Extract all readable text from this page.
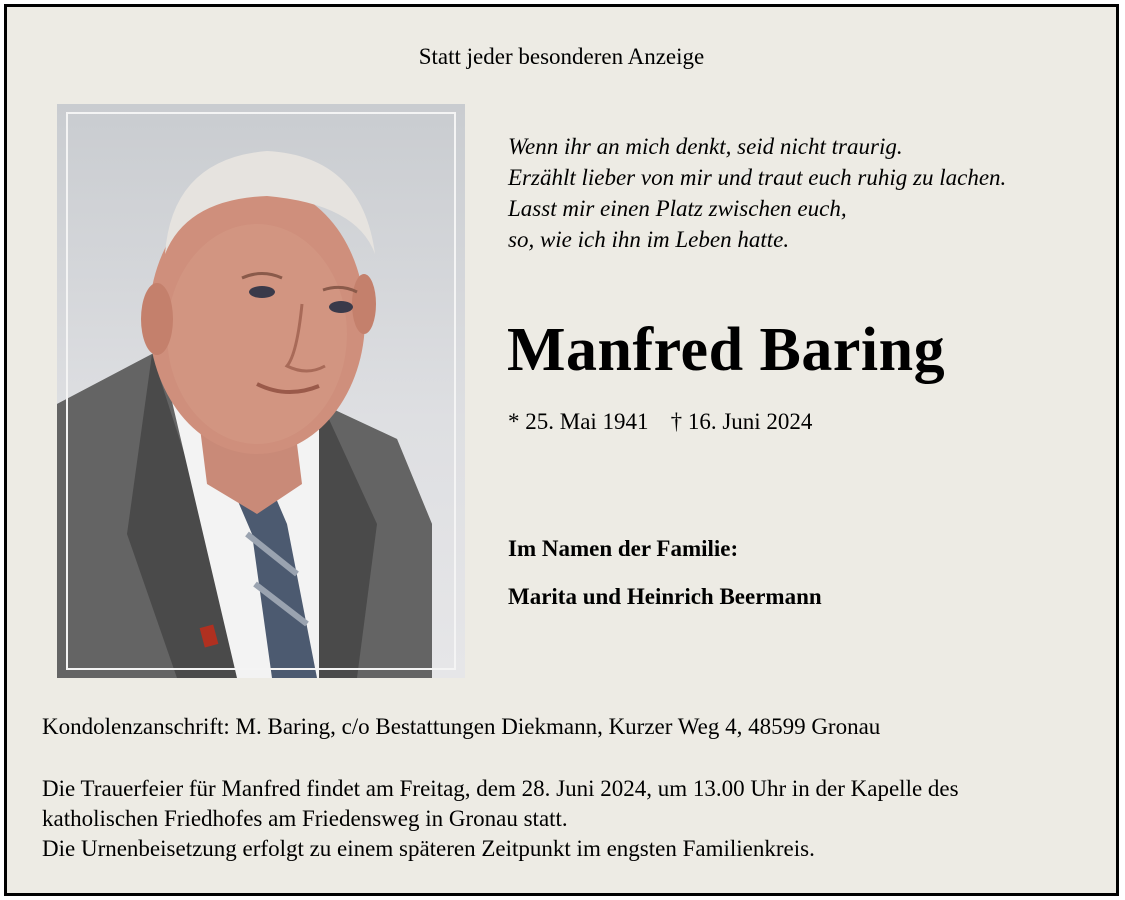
Statt jeder besonderen Anzeige
Wenn ihr an mich denkt, seid nicht traurig.
Erzählt lieber von mir und traut euch ruhig zu lachen.
Lasst mir einen Platz zwischen euch,
so, wie ich ihn im Leben hatte.
Manfred Baring
* 25. Mai 1941 † 16. Juni 2024
Im Namen der Familie:
Marita und Heinrich Beermann
Kondolenzanschrift: M. Baring, c/o Bestattungen Diekmann, Kurzer Weg 4, 48599 Gronau
Die Trauerfeier für Manfred findet am Freitag, dem 28. Juni 2024, um 13.00 Uhr in der Kapelle des
katholischen Friedhofes am Friedensweg in Gronau statt.
Die Urnenbeisetzung erfolgt zu einem späteren Zeitpunkt im engsten Familienkreis.
